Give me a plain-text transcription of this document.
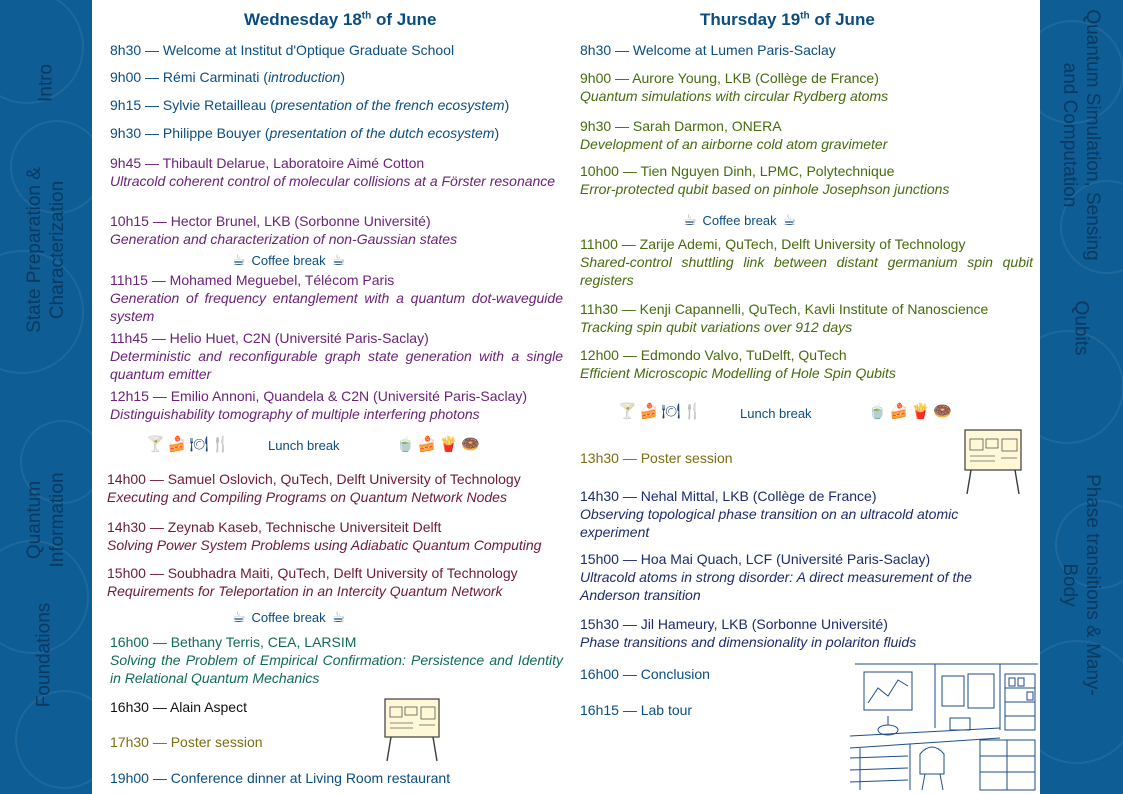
Intro
State Preparation & Characterization
Quantum Information
Foundations
Quantum Simulation, Sensing and Computation
Qubits
Phase transitions & Many- Body
Wednesday 18th of June
8h30 — Welcome at Institut d'Optique Graduate School
9h00 — Rémi Carminati (introduction)
9h15 — Sylvie Retailleau (presentation of the french ecosystem)
9h30 — Philippe Bouyer (presentation of the dutch ecosystem)
9h45 — Thibault Delarue, Laboratoire Aimé Cotton
Ultracold coherent control of molecular collisions at a Förster resonance
10h15 — Hector Brunel, LKB (Sorbonne Université)
Generation and characterization of non-Gaussian states
☕ Coffee break ☕
11h15 — Mohamed Meguebel, Télécom Paris
Generation of frequency entanglement with a quantum dot-waveguide system
11h45 — Helio Huet, C2N (Université Paris-Saclay)
Deterministic and reconfigurable graph state generation with a single quantum emitter
12h15 — Emilio Annoni, Quandela & C2N (Université Paris-Saclay)
Distinguishability tomography of multiple interfering photons
🍸🍰🍽🍴	Lunch break	🍵🍰🍟🍩
14h00 — Samuel Oslovich, QuTech, Delft University of Technology
Executing and Compiling Programs on Quantum Network Nodes
14h30 — Zeynab Kaseb, Technische Universiteit Delft
Solving Power System Problems using Adiabatic Quantum Computing
15h00 — Soubhadra Maiti, QuTech, Delft University of Technology
Requirements for Teleportation in an Intercity Quantum Network
☕ Coffee break ☕
16h00 — Bethany Terris, CEA, LARSIM
Solving the Problem of Empirical Confirmation: Persistence and Identity in Relational Quantum Mechanics
16h30 — Alain Aspect
17h30 — Poster session
19h00 — Conference dinner at Living Room restaurant
Thursday 19th of June
8h30 — Welcome at Lumen Paris-Saclay
9h00 — Aurore Young, LKB (Collège de France)
Quantum simulations with circular Rydberg atoms
9h30 — Sarah Darmon, ONERA
Development of an airborne cold atom gravimeter
10h00 — Tien Nguyen Dinh, LPMC, Polytechnique
Error-protected qubit based on pinhole Josephson junctions
☕ Coffee break ☕
11h00 — Zarije Ademi, QuTech, Delft University of Technology
Shared-control shuttling link between distant germanium spin qubit registers
11h30 — Kenji Capannelli, QuTech, Kavli Institute of Nanoscience
Tracking spin qubit variations over 912 days
12h00 — Edmondo Valvo, TuDelft, QuTech
Efficient Microscopic Modelling of Hole Spin Qubits
🍸🍰🍽🍴	Lunch break	🍵🍰🍟🍩
13h30 — Poster session
14h30 — Nehal Mittal, LKB (Collège de France)
Observing topological phase transition on an ultracold atomic experiment
15h00 — Hoa Mai Quach, LCF (Université Paris-Saclay)
Ultracold atoms in strong disorder: A direct measurement of the Anderson transition
15h30 — Jil Hameury, LKB (Sorbonne Université)
Phase transitions and dimensionality in polariton fluids
16h00 — Conclusion
16h15 — Lab tour
